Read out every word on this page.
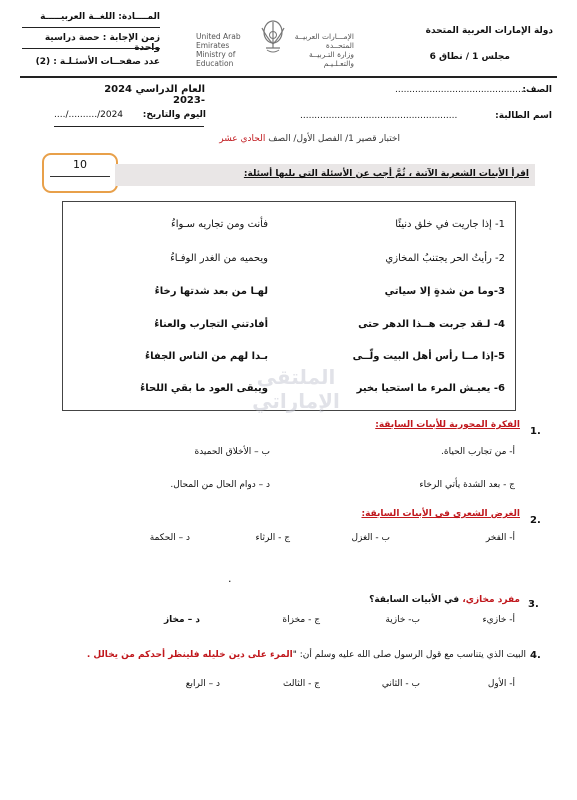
المــــادة: اللغــة العربيـــــة
زمن الإجابة : حصة دراسية واحدة
عدد صفحــات الأسئـلـة : (2)
United Arab Emirates
Ministry of Education
الإمـــارات العربيــة المتحــدة
وزارة التـربيــة والتعـلـيـم
دولة الإمارات العربية المتحدة
مجلس 1 / نطاق 6
الصف:
...............................................
العام الدراسي 2024 -2023
اسم الطالبة:
.......................................................
اليوم والتاريخ:
..../........../2024
اختبار قصير 1/ الفصل الأول/ الصف الحادي عشر
10
اقرأ الأبيات الشعرية الآتية ، ثُمَّ أجب عن الأسئلة التي يليها أسئلة:
1- إذا جاريت في خلق دنيئًا
فأنت ومن تجاريه سـواءُ
2- رأيتُ الحر يجتنبُ المخازي
ويحميه من الغدر الوفـاءُ
3-وما من شدةٍ إلا سياتي
لهـا من بعد شدتها رخاءُ
4- لـقد جربت هــذا الدهر حتى
أفادتني التجارب والعناءُ
5-إذا مــا رأس أهل البيت ولّــى
بـدا لهم من الناس الجفاءُ
6- يعيـش المرء ما استحيا بخير
ويبقى العود ما بقي اللحاءُ
الملتقى الإماراتي
1.
الفكرة المحورية للأبيات السابقة:
أ- من تجارب الحياة.
ب – الأخلاق الحميدة
ج - بعد الشدة يأتي الرخاء
د – دوام الحال من المحال.
2.
الغرض الشعري في الأبيات السابقة:
أ- الفخر
ب - الغزل
ج - الرثاء
د – الحكمة
.
3.
مفرد مخازي، في الأبيات السابقة؟
أ- خازيء
ب- خازية
ج - مخزاة
د – مخاز
4.
البيت الذي يتناسب مع قول الرسول صلى الله عليه وسلم أن: "المرء على دين خليله فلينظر أحدكم من يخالل .
أ- الأول
ب - الثاني
ج - الثالث
د – الرابع
